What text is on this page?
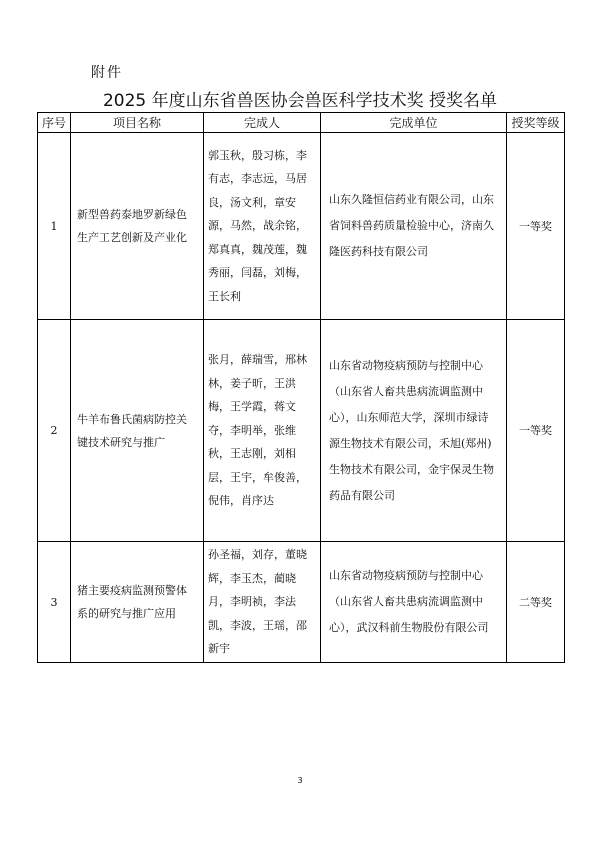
附件
2025 年度山东省兽医协会兽医科学技术奖 授奖名单
序号	项目名称	完成人	完成单位	授奖等级
1	新型兽药泰地罗新绿色生产工艺创新及产业化	郭玉秋，殷习栋，李有志，李志远，马居良，汤文利，章安源，马然，战余铭，郑真真，魏茂莲，魏秀丽，闫磊，刘梅，王长利	山东久隆恒信药业有限公司，山东省饲料兽药质量检验中心，济南久隆医药科技有限公司	一等奖
2	牛羊布鲁氏菌病防控关键技术研究与推广	张月，薛瑞雪，邢林林，姜子昕，王洪梅，王学霞，蒋文夺，李明举，张维秋，王志刚，刘相层，王宇，牟俊善，倪伟，肖序达	山东省动物疫病预防与控制中心（山东省人畜共患病流调监测中心），山东师范大学，深圳市绿诗源生物技术有限公司，禾旭(郑州)生物技术有限公司，金宇保灵生物药品有限公司	一等奖
3	猪主要疫病监测预警体系的研究与推广应用	孙圣福，刘存，董晓辉，李玉杰，蔺晓月，李明祯，李法凯，李波，王瑶，邵新宇	山东省动物疫病预防与控制中心（山东省人畜共患病流调监测中心），武汉科前生物股份有限公司	二等奖
3
